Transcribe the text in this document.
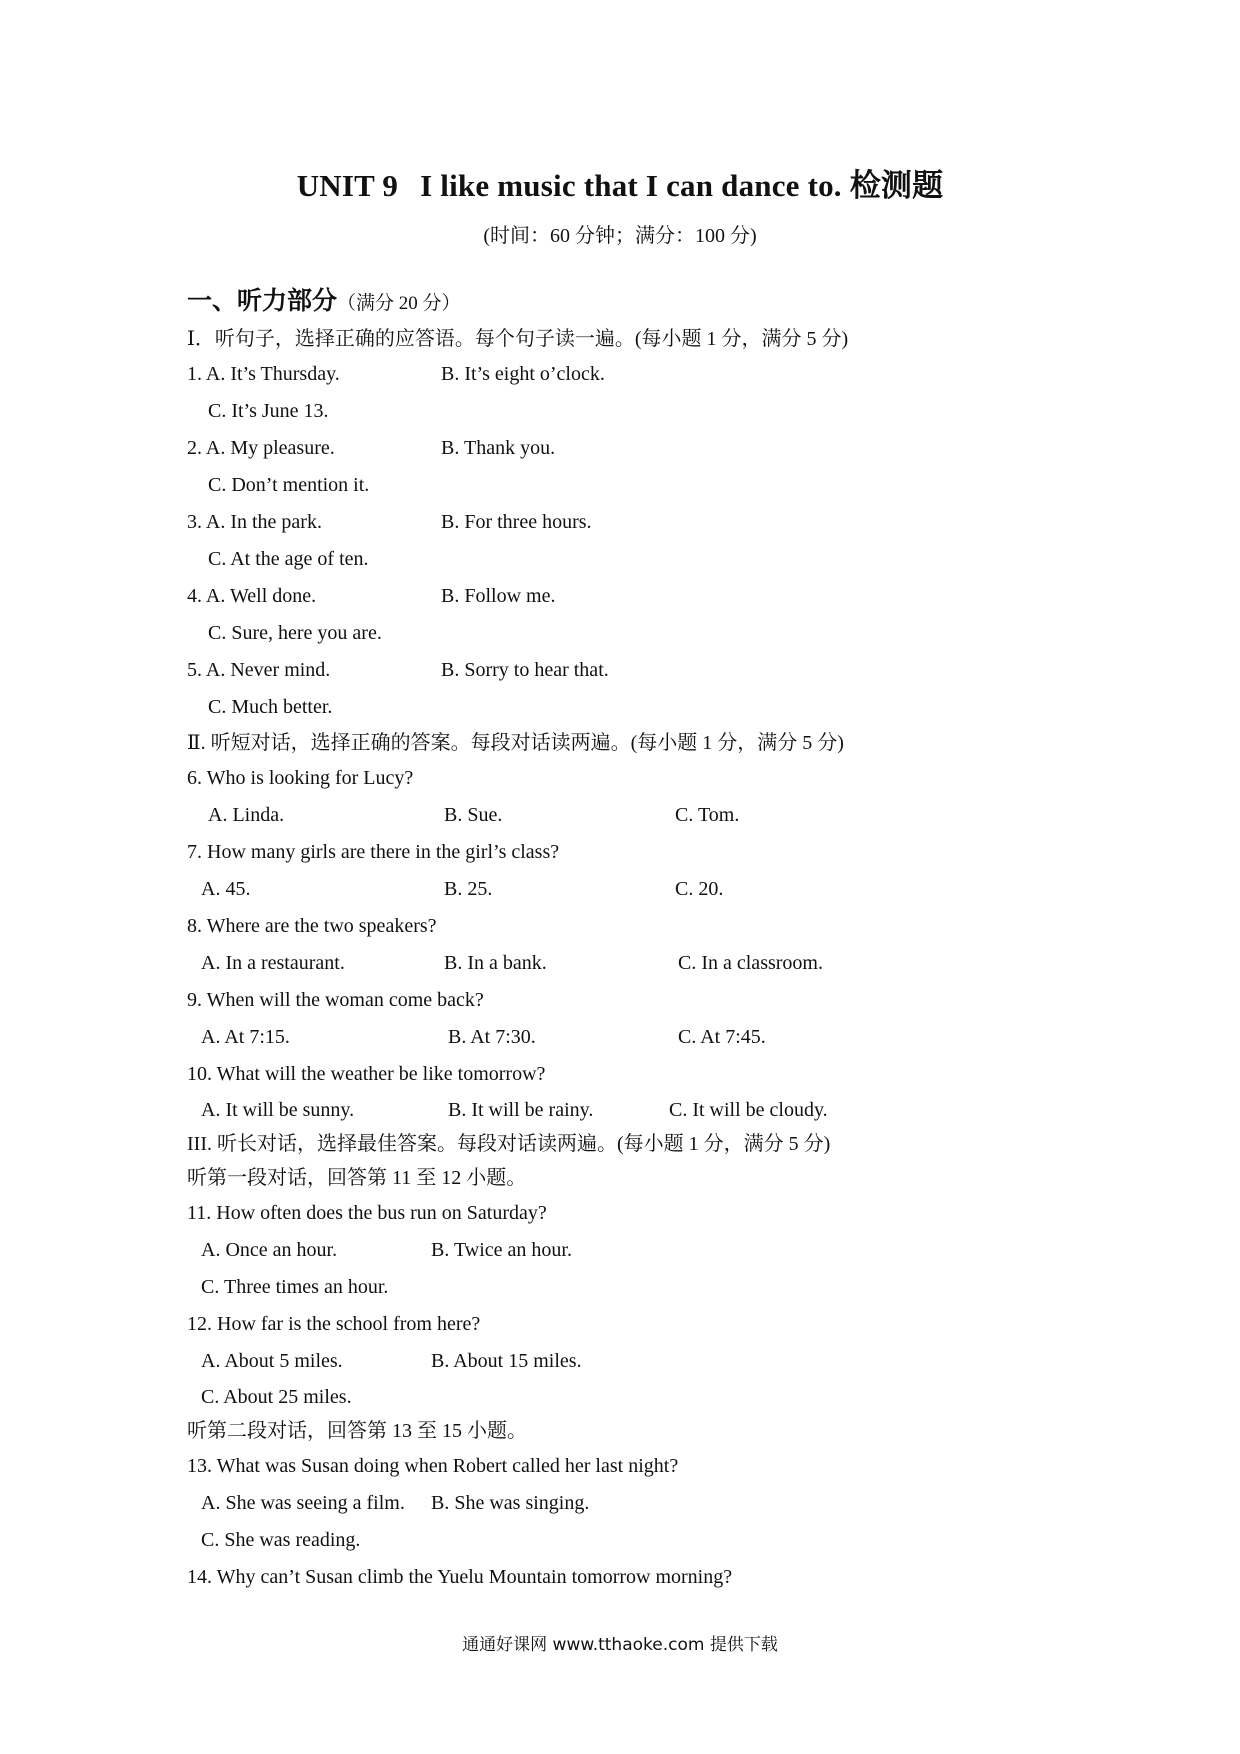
UNIT 9 I like music that I can dance to. 检测题
(时间：60 分钟；满分：100 分)
一、听力部分（满分 20 分）
Ⅰ．听句子，选择正确的应答语。每个句子读一遍。(每小题 1 分，满分 5 分)
1. A. It’s Thursday.	B. It’s eight o’clock.
C. It’s June 13.
2. A. My pleasure.	B. Thank you.
C. Don’t mention it.
3. A. In the park.	B. For three hours.
C. At the age of ten.
4. A. Well done.	B. Follow me.
C. Sure, here you are.
5. A. Never mind.	B. Sorry to hear that.
C. Much better.
Ⅱ. 听短对话，选择正确的答案。每段对话读两遍。(每小题 1 分，满分 5 分)
6. Who is looking for Lucy?
A. Linda.	B. Sue.	C. Tom.
7. How many girls are there in the girl’s class?
A. 45.	B. 25.	C. 20.
8. Where are the two speakers?
A. In a restaurant.	B. In a bank.	C. In a classroom.
9. When will the woman come back?
A. At 7:15.	B. At 7:30.	C. At 7:45.
10. What will the weather be like tomorrow?
A. It will be sunny.	B. It will be rainy.	C. It will be cloudy.
III. 听长对话，选择最佳答案。每段对话读两遍。(每小题 1 分，满分 5 分)
听第一段对话，回答第 11 至 12 小题。
11. How often does the bus run on Saturday?
A. Once an hour.	B. Twice an hour.
C. Three times an hour.
12. How far is the school from here?
A. About 5 miles.	B. About 15 miles.
C. About 25 miles.
听第二段对话，回答第 13 至 15 小题。
13. What was Susan doing when Robert called her last night?
A. She was seeing a film. B. She was singing.
C. She was reading.
14. Why can’t Susan climb the Yuelu Mountain tomorrow morning?
通通好课网 www.tthaoke.com 提供下载
